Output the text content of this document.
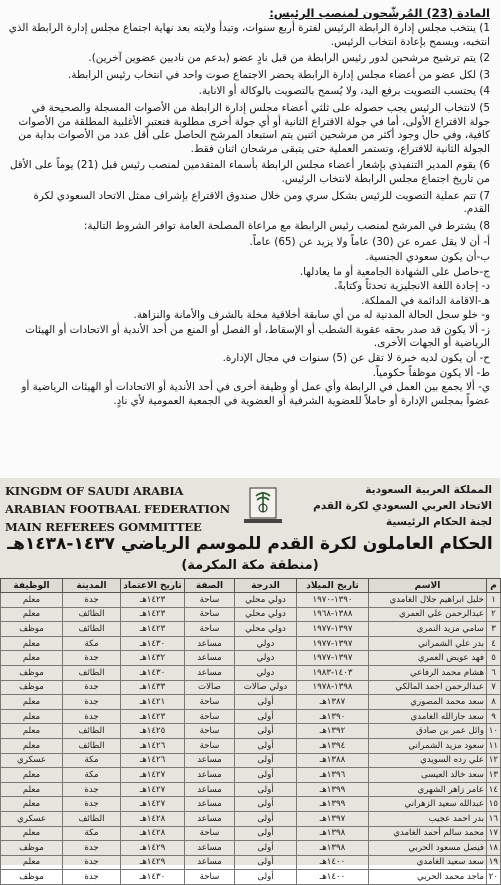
المادة (23) المُرشّحون لمنصب الرئيس:

1) ينتخب مجلس إدارة الرابطة الرئيس لفترة أربع سنوات، وتبدأ ولايته بعد نهاية اجتماع مجلس إدارة الرابطة الذي انتخبه، ويسمح بإعادة انتخاب الرئيس.

2) يتم ترشيح مرشحين لدور رئيس الرابطة من قبل نادٍ عضو (بدعم من ناديين عضوين آخرين).

3) لكل عضو من أعضاء مجلس إدارة الرابطة يحضر الاجتماع صوت واحد في انتخاب رئيس الرابطة.

4) يحتسب التصويت برفع اليد، ولا يُسمح بالتصويت بالوكالة أو الانابة.

5) لانتخاب الرئيس يجب حصوله على ثلثي أعضاء مجلس إدارة الرابطة من الأصوات المسجلة والصحيحة في جولة الاقتراع الأولى، أما في جولة الاقتراع الثانية أو أي جولة أخرى مطلوبة فتعتبر الأغلبية المطلقة من الأصوات كافية، وفي حال وجود أكثر من مرشحين اثنين يتم استبعاد المرشح الحاصل على أقل عدد من الأصوات بداية من الجولة الثانية للاقتراع، وتستمر العملية حتى يتبقى مرشحان اثنان فقط.

6) يقوم المدير التنفيذي بإشعار أعضاء مجلس الرابطة بأسماء المتقدمين لمنصب رئيس قبل (21) يوماً على الأقل من تاريخ اجتماع مجلس الرابطة لانتخاب الرئيس.

7) تتم عملية التصويت للرئيس بشكل سري ومن خلال صندوق الاقتراع بإشراف ممثل الاتحاد السعودي لكرة القدم.

8) يشترط في المرشح لمنصب رئيس الرابطة مع مراعاة المصلحة العامة توافر الشروط التالية:

أ- أن لا يقل عمره عن (30) عاماً ولا يزيد عن (65) عاماً.

ب-أن يكون سعودي الجنسية.

ج-حاصل على الشهادة الجامعية أو ما يعادلها.

د- إجادة اللغة الانجليزية تحدثاً وكتابةً.

هـ-الاقامة الدائمة في المملكة.

و- خلو سجل الحالة المدنية له من أي سابقة أخلاقية مخلة بالشرف والأمانة والنزاهة.

ز- ألا يكون قد صدر بحقه عقوبة الشطب أو الإسقاط، أو الفصل أو المنع من أحد الأندية أو الاتحادات أو الهيئات الرياضية أو الجهات الأخرى.

ح- أن يكون لديه خبرة لا تقل عن (5) سنوات في مجال الإدارة.

ط- ألا يكون موظفاً حكومياً.

ي- ألا يجمع بين العمل في الرابطة وأي عمل أو وظيفة أخرى في أحد الأندية أو الاتحادات أو الهيئات الرياضية أو عضواً بمجلس الإدارة أو حاملاً للعضوية الشرفية أو العضوية في الجمعية العمومية لأي نادٍ.

KINGDM OF SAUDI ARABIA
ARABIAN FOOTBAAL FEDERATION
MAIN REFEREES GOMMITTEE
المملكة العربية السعودية
الاتحاد العربي السعودي لكرة القدم
لجنة الحكام الرئيسية
الحكام العاملون لكرة القدم للموسم الرياضي ١٤٣٧-١٤٣٨هـ
(منطقة مكة المكرمة)
م	الاسم	تاريخ الميلاد	الدرجة	الصفة	تاريخ الاعتماد	المدينة	الوظيفة
١	خليل ابراهيم جلال الغامدي	١٣٩٠-١٩٧٠	دولي محلي	ساحة	١٤٢٣هـ	جدة	معلم
٢	عبدالرحمن علي العمري	١٣٨٨-١٩٦٨	دولي محلي	ساحة	١٤٢٣هـ	الطائف	معلم
٣	سامي مزيد النمري	١٣٩٧-١٩٧٧	دولي محلي	ساحة	١٤٢٣هـ	الطائف	موظف
٤	بدر علي الشمراني	١٣٩٧-١٩٧٧	دولي	مساعد	١٤٣٠هـ	مكة	معلم
٥	فهد عويض العمري	١٣٩٧-١٩٧٧	دولي	مساعد	١٤٣٢هـ	جدة	معلم
٦	هشام محمد الرفاعي	١٤٠٣-١٩٨٣	دولي	مساعد	١٤٣٠هـ	الطائف	موظف
٧	عبدالرحمن احمد المالكي	١٣٩٨-١٩٧٨	دولي صالات	صالات	١٤٣٣هـ	جدة	موظف
٨	سعد محمد المصوري	١٣٨٧هـ	أولى	ساحة	١٤٢١هـ	جدة	معلم
٩	سعد جارالله الغامدي	١٣٩٠هـ	أولى	ساحة	١٤٢٣هـ	جدة	معلم
١٠	وائل عمر بن صادق	١٣٩٢هـ	أولى	ساحة	١٤٢٥هـ	الطائف	معلم
١١	سعود مزيد الشمراني	١٣٩٤هـ	أولى	ساحة	١٤٢٦هـ	الطائف	معلم
١٢	علي رده السويدي	١٣٨٨هـ	أولى	مساعد	١٤٢٦هـ	مكة	عسكري
١٣	سعد خالد العيسى	١٣٩٦هـ	أولى	مساعد	١٤٢٧هـ	مكة	معلم
١٤	عامر زاهر الشهري	١٣٩٩هـ	أولى	مساعد	١٤٢٧هـ	جدة	معلم
١٥	عبدالله سعيد الزهراني	١٣٩٩هـ	أولى	مساعد	١٤٢٧هـ	جدة	معلم
١٦	بدر احمد عجيب	١٣٩٧هـ	أولى	مساعد	١٤٢٨هـ	الطائف	عسكري
١٧	محمد سالم أحمد الغامدي	١٣٩٨هـ	أولى	ساحة	١٤٢٨هـ	مكة	معلم
١٨	فيصل مسعود الحربي	١٣٩٨هـ	أولى	مساعد	١٤٢٩هـ	جدة	موظف
١٩	سعد سعيد الغامدي	١٤٠٠هـ	أولى	مساعد	١٤٢٩هـ	جدة	معلم
٢٠	ماجد محمد الحربي	١٤٠٠هـ	أولى	ساحة	١٤٣٠هـ	جدة	موظف
